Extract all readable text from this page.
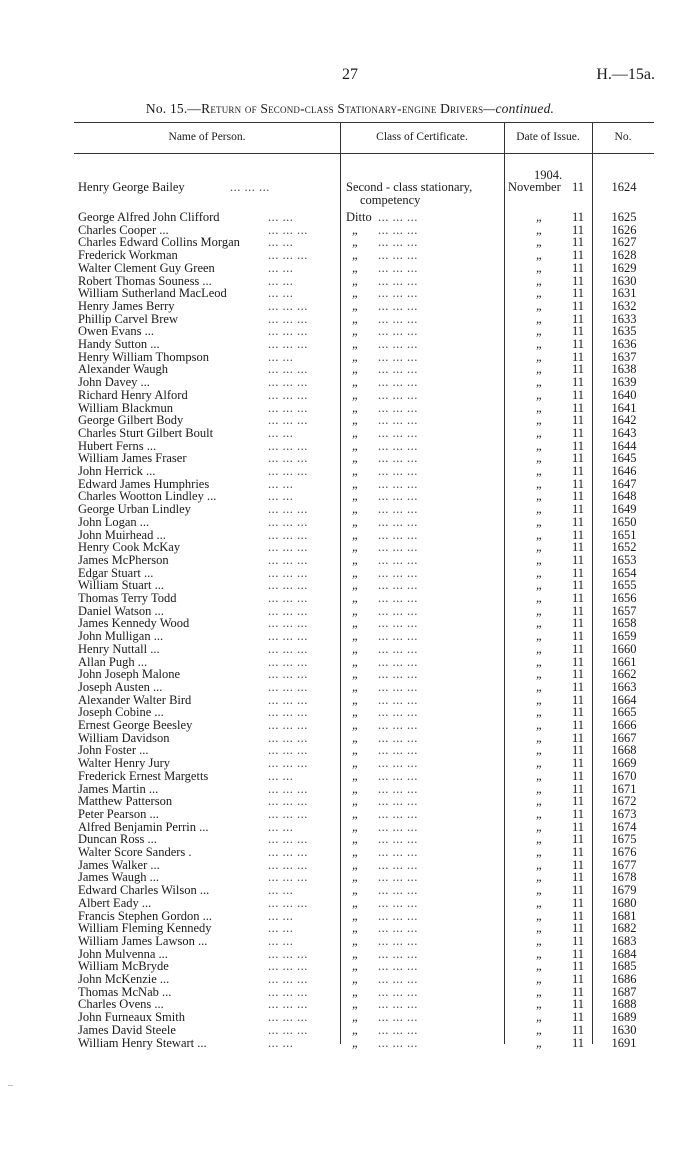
27	H.—15a.
No. 15.—Return of Second-class Stationary-engine Drivers—continued.
Name of Person.	Class of Certificate.	Date of Issue.	No.
1904.
Henry George Bailey	... ... ...	Second - class stationary,	November 11	1624
competency
George Alfred John Clifford	... ...	Ditto ... ... ...	„	11	1625
Charles Cooper ...	... ... ...	„ ... ... ...	„	11	1626
Charles Edward Collins Morgan ... ...	„ ... ... ...	„	11	1627
Frederick Workman	... ... ...	„ ... ... ...	„	11	1628
Walter Clement Guy Green	... ...	„ ... ... ...	„	11	1629
Robert Thomas Souness ...	... ...	„ ... ... ...	„	11	1630
William Sutherland MacLeod	... ...	„ ... ... ...	„	11	1631
Henry James Berry	... ... ...	„ ... ... ...	„	11	1632
Phillip Carvel Brew	... ... ...	„ ... ... ...	„	11	1633
Owen Evans ...	... ... ...	„ ... ... ...	„	11	1635
Handy Sutton ...	... ... ...	„ ... ... ...	„	11	1636
Henry William Thompson	... ...	„ ... ... ...	„	11	1637
Alexander Waugh	... ... ...	„ ... ... ...	„	11	1638
John Davey ...	... ... ...	„ ... ... ...	„	11	1639
Richard Henry Alford	... ... ...	„ ... ... ...	„	11	1640
William Blackmun	... ... ...	„ ... ... ...	„	11	1641
George Gilbert Body	... ... ...	„ ... ... ...	„	11	1642
Charles Sturt Gilbert Boult	... ...	„ ... ... ...	„	11	1643
Hubert Ferns ...	... ... ...	„ ... ... ...	„	11	1644
William James Fraser	... ... ...	„ ... ... ...	„	11	1645
John Herrick ...	... ... ...	„ ... ... ...	„	11	1646
Edward James Humphries	... ...	„ ... ... ...	„	11	1647
Charles Wootton Lindley ...	... ...	„ ... ... ...	„	11	1648
George Urban Lindley	... ... ...	„ ... ... ...	„	11	1649
John Logan ...	... ... ...	„ ... ... ...	„	11	1650
John Muirhead ...	... ... ...	„ ... ... ...	„	11	1651
Henry Cook McKay	... ... ...	„ ... ... ...	„	11	1652
James McPherson	... ... ...	„ ... ... ...	„	11	1653
Edgar Stuart ...	... ... ...	„ ... ... ...	„	11	1654
William Stuart ...	... ... ...	„ ... ... ...	„	11	1655
Thomas Terry Todd	... ... ...	„ ... ... ...	„	11	1656
Daniel Watson ...	... ... ...	„ ... ... ...	„	11	1657
James Kennedy Wood	... ... ...	„ ... ... ...	„	11	1658
John Mulligan ...	... ... ...	„ ... ... ...	„	11	1659
Henry Nuttall ...	... ... ...	„ ... ... ...	„	11	1660
Allan Pugh ...	... ... ...	„ ... ... ...	„	11	1661
John Joseph Malone	... ... ...	„ ... ... ...	„	11	1662
Joseph Austen ...	... ... ...	„ ... ... ...	„	11	1663
Alexander Walter Bird	... ... ...	„ ... ... ...	„	11	1664
Joseph Cobine ...	... ... ...	„ ... ... ...	„	11	1665
Ernest George Beesley	... ... ...	„ ... ... ...	„	11	1666
William Davidson	... ... ...	„ ... ... ...	„	11	1667
John Foster ...	... ... ...	„ ... ... ...	„	11	1668
Walter Henry Jury	... ... ...	„ ... ... ...	„	11	1669
Frederick Ernest Margetts	... ...	„ ... ... ...	„	11	1670
James Martin ...	... ... ...	„ ... ... ...	„	11	1671
Matthew Patterson	... ... ...	„ ... ... ...	„	11	1672
Peter Pearson ...	... ... ...	„ ... ... ...	„	11	1673
Alfred Benjamin Perrin ...	... ...	„ ... ... ...	„	11	1674
Duncan Ross ...	... ... ...	„ ... ... ...	„	11	1675
Walter Score Sanders .	... ... ...	„ ... ... ...	„	11	1676
James Walker ...	... ... ...	„ ... ... ...	„	11	1677
James Waugh ...	... ... ...	„ ... ... ...	„	11	1678
Edward Charles Wilson ...	... ...	„ ... ... ...	„	11	1679
Albert Eady ...	... ... ...	„ ... ... ...	„	11	1680
Francis Stephen Gordon ...	... ...	„ ... ... ...	„	11	1681
William Fleming Kennedy	... ...	„ ... ... ...	„	11	1682
William James Lawson ...	... ...	„ ... ... ...	„	11	1683
John Mulvenna ...	... ... ...	„ ... ... ...	„	11	1684
William McBryde	... ... ...	„ ... ... ...	„	11	1685
John McKenzie ...	... ... ...	„ ... ... ...	„	11	1686
Thomas McNab ...	... ... ...	„ ... ... ...	„	11	1687
Charles Ovens ...	... ... ...	„ ... ... ...	„	11	1688
John Furneaux Smith	... ... ...	„ ... ... ...	„	11	1689
James David Steele	... ... ...	„ ... ... ...	„	11	1630
William Henry Stewart ...	... ...	„ ... ... ...	„	11	1691
–
